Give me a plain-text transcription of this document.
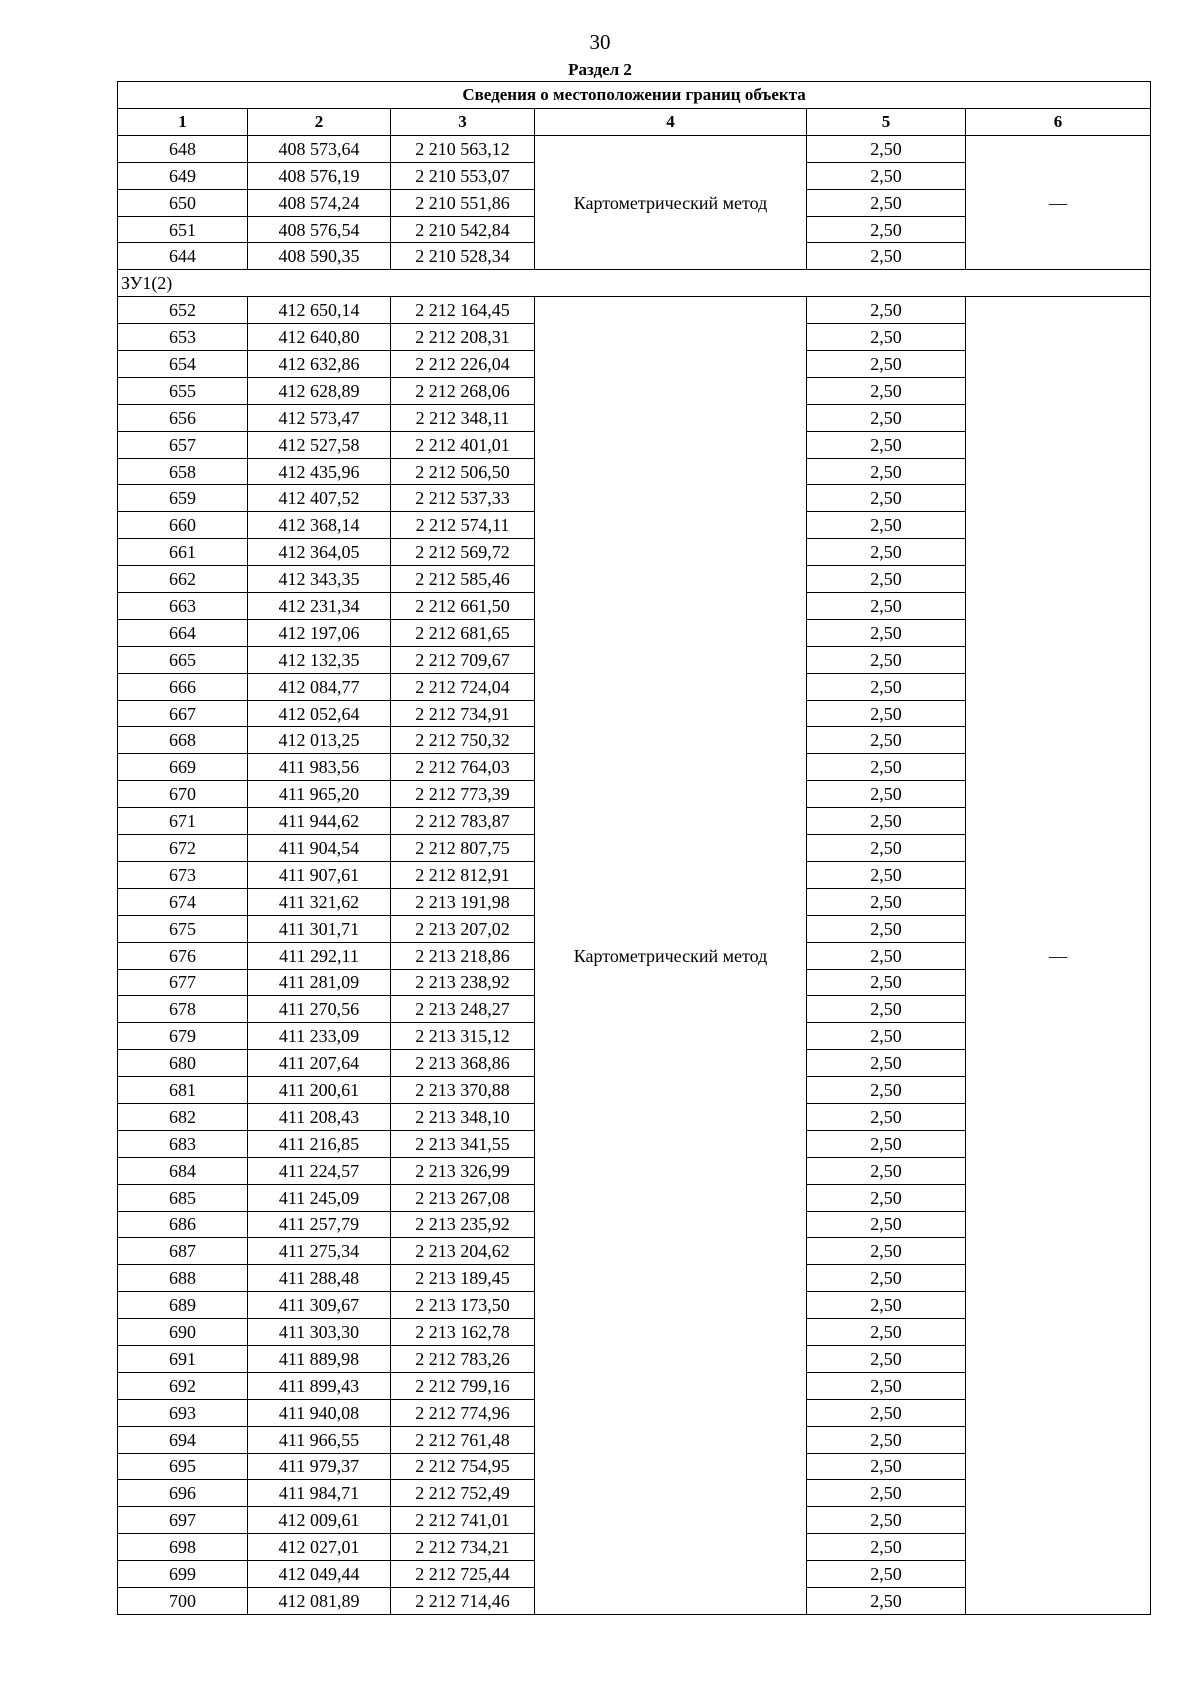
30
Раздел 2
Сведения о местоположении границ объекта					
1	2	3	4	5	6
648	408 573,64	2 210 563,12	Картометрический метод	2,50	—
649	408 576,19	2 210 553,07		2,50	
650	408 574,24	2 210 551,86		2,50	
651	408 576,54	2 210 542,84		2,50	
644	408 590,35	2 210 528,34		2,50	
ЗУ1(2)					
652	412 650,14	2 212 164,45	Картометрический метод	2,50	—
653	412 640,80	2 212 208,31		2,50	
654	412 632,86	2 212 226,04		2,50	
655	412 628,89	2 212 268,06		2,50	
656	412 573,47	2 212 348,11		2,50	
657	412 527,58	2 212 401,01		2,50	
658	412 435,96	2 212 506,50		2,50	
659	412 407,52	2 212 537,33		2,50	
660	412 368,14	2 212 574,11		2,50	
661	412 364,05	2 212 569,72		2,50	
662	412 343,35	2 212 585,46		2,50	
663	412 231,34	2 212 661,50		2,50	
664	412 197,06	2 212 681,65		2,50	
665	412 132,35	2 212 709,67		2,50	
666	412 084,77	2 212 724,04		2,50	
667	412 052,64	2 212 734,91		2,50	
668	412 013,25	2 212 750,32		2,50	
669	411 983,56	2 212 764,03		2,50	
670	411 965,20	2 212 773,39		2,50	
671	411 944,62	2 212 783,87		2,50	
672	411 904,54	2 212 807,75		2,50	
673	411 907,61	2 212 812,91		2,50	
674	411 321,62	2 213 191,98		2,50	
675	411 301,71	2 213 207,02		2,50	
676	411 292,11	2 213 218,86		2,50	
677	411 281,09	2 213 238,92		2,50	
678	411 270,56	2 213 248,27		2,50	
679	411 233,09	2 213 315,12		2,50	
680	411 207,64	2 213 368,86		2,50	
681	411 200,61	2 213 370,88		2,50	
682	411 208,43	2 213 348,10		2,50	
683	411 216,85	2 213 341,55		2,50	
684	411 224,57	2 213 326,99		2,50	
685	411 245,09	2 213 267,08		2,50	
686	411 257,79	2 213 235,92		2,50	
687	411 275,34	2 213 204,62		2,50	
688	411 288,48	2 213 189,45		2,50	
689	411 309,67	2 213 173,50		2,50	
690	411 303,30	2 213 162,78		2,50	
691	411 889,98	2 212 783,26		2,50	
692	411 899,43	2 212 799,16		2,50	
693	411 940,08	2 212 774,96		2,50	
694	411 966,55	2 212 761,48		2,50	
695	411 979,37	2 212 754,95		2,50	
696	411 984,71	2 212 752,49		2,50	
697	412 009,61	2 212 741,01		2,50	
698	412 027,01	2 212 734,21		2,50	
699	412 049,44	2 212 725,44		2,50	
700	412 081,89	2 212 714,46		2,50	
